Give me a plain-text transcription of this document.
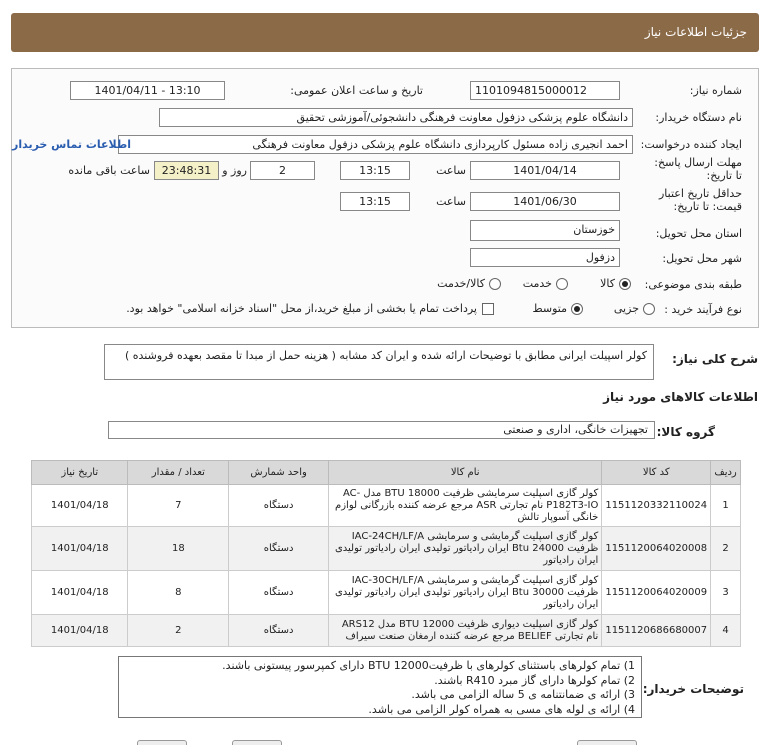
جزئیات اطلاعات نیاز
شماره نیاز:
1101094815000012
تاریخ و ساعت اعلان عمومی:
1401/04/11 - 13:10
نام دستگاه خریدار:
دانشگاه علوم پزشکی دزفول معاونت فرهنگی دانشجوئی/آموزشی تحقیق
ایجاد کننده درخواست:
احمد انجیری زاده مسئول کارپردازی دانشگاه علوم پزشکی دزفول معاونت فرهنگی
اطلاعات تماس خریدار
مهلت ارسال پاسخ: تا تاریخ:
1401/04/14
ساعت
13:15
2
روز و
23:48:31
ساعت باقی مانده
حداقل تاریخ اعتبار قیمت: تا تاریخ:
1401/06/30
ساعت
13:15
استان محل تحویل:
خوزستان
شهر محل تحویل:
دزفول
طبقه بندی موضوعی:
کالا
خدمت
کالا/خدمت
نوع فرآیند خرید :
جزیی
متوسط
پرداخت تمام یا بخشی از مبلغ خرید،از محل "اسناد خزانه اسلامی" خواهد بود.
شرح کلی نیاز:
کولر اسپیلت ایرانی مطابق با توضیحات ارائه شده و ایران کد مشابه ( هزینه حمل از مبدا تا مقصد بعهده فروشنده )
اطلاعات کالاهای مورد نیاز
گروه کالا:
تجهیزات خانگی، اداری و صنعتی
ردیف	کد کالا	نام کالا	واحد شمارش	تعداد / مقدار	تاریخ نیاز
1	1151120332110024	کولر گازی اسپلیت سرمایشی ظرفیت BTU 18000 مدل AC-P182T3-IO نام تجارتی ASR مرجع عرضه کننده بازرگانی لوازم خانگی آسوپار تالش	دستگاه	7	1401/04/18
2	1151120064020008	کولر گازی اسپلیت گرمایشی و سرمایشی IAC-24CH/LF/A ظرفیت Btu 24000 ایران رادیاتور تولیدی ایران رادیاتور تولیدی ایران رادیاتور	دستگاه	18	1401/04/18
3	1151120064020009	کولر گازی اسپلیت گرمایشی و سرمایشی IAC-30CH/LF/A ظرفیت Btu 30000 ایران رادیاتور تولیدی ایران رادیاتور تولیدی ایران رادیاتور	دستگاه	8	1401/04/18
4	1151120686680007	کولر گازی اسپلیت دیواری ظرفیت BTU 12000 مدل ARS12 نام تجارتی BELIEF مرجع عرضه کننده ارمغان صنعت سیراف	دستگاه	2	1401/04/18
توضیحات خریدار:
1) تمام کولرهای باستثنای کولرهای با ظرفیت12000 BTU دارای کمپرسور پیستونی باشند.
2) تمام کولرها دارای گاز مبرد R410 باشند.
3) ارائه ی ضمانتنامه ی 5 ساله الزامی می باشد.
4) ارائه ی لوله های مسی به همراه کولر الزامی می باشد.
